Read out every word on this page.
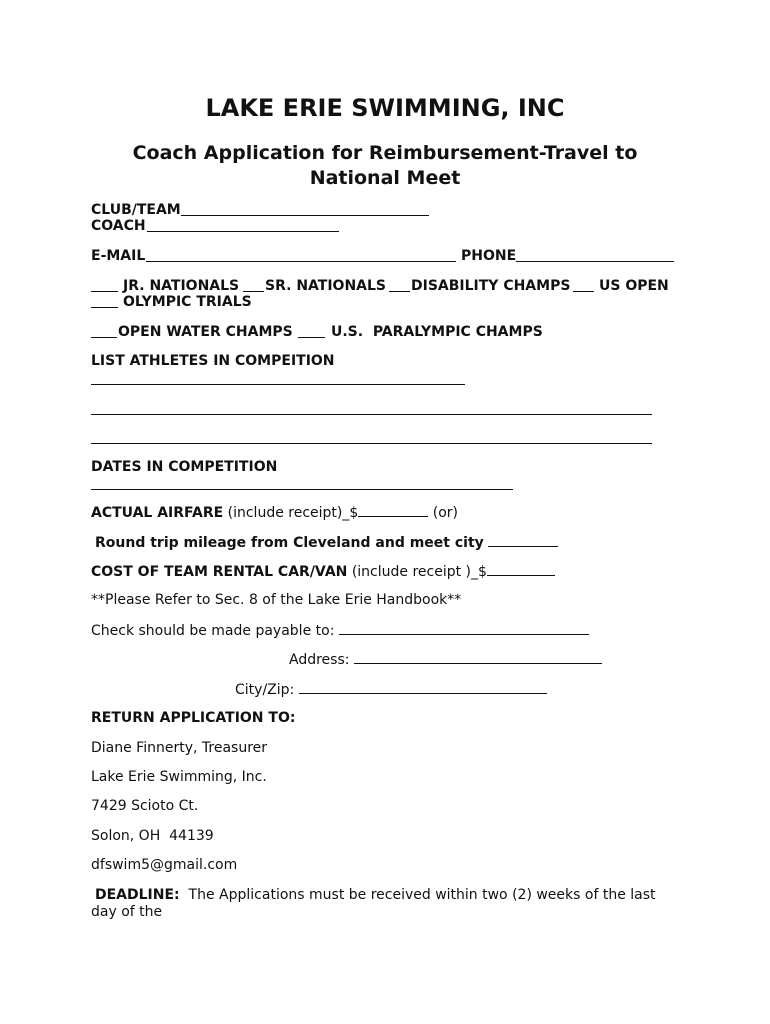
LAKE ERIE SWIMMING, INC
Coach Application for Reimbursement-Travel to National Meet
CLUB/TEAM
COACH
E-MAIL	PHONE
JR. NATIONALS SR. NATIONALS DISABILITY CHAMPS US OPEN
OLYMPIC TRIALS
OPEN WATER CHAMPS	U.S.  PARALYMPIC CHAMPS
LIST ATHLETES IN COMPEITION
DATES IN COMPETITION
ACTUAL AIRFARE (include receipt)_$	(or)
Round trip mileage from Cleveland and meet city
COST OF TEAM RENTAL CAR/VAN (include receipt )_$
**Please Refer to Sec. 8 of the Lake Erie Handbook**
Check should be made payable to:
Address:
City/Zip:
RETURN APPLICATION TO:
Diane Finnerty, Treasurer
Lake Erie Swimming, Inc.
7429 Scioto Ct.
Solon, OH  44139
dfswim5@gmail.com
DEADLINE:  The Applications must be received within two (2) weeks of the last
day of the
